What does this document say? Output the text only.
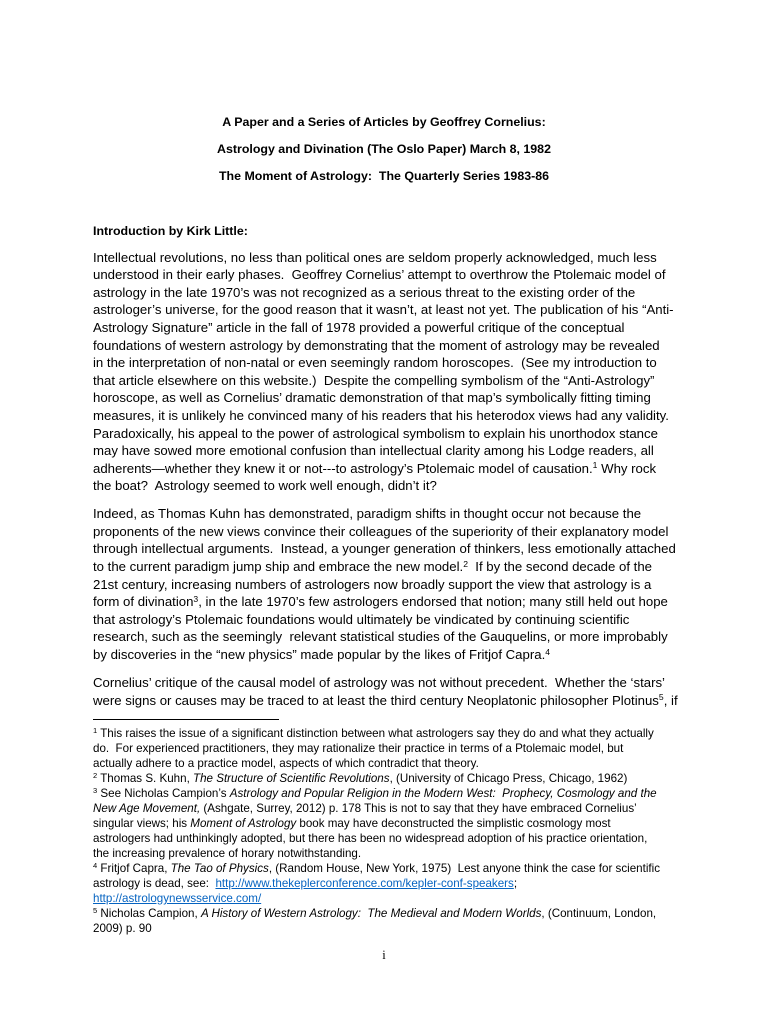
A Paper and a Series of Articles by Geoffrey Cornelius:
Astrology and Divination (The Oslo Paper) March 8, 1982
The Moment of Astrology:  The Quarterly Series 1983-86
Introduction by Kirk Little:
Intellectual revolutions, no less than political ones are seldom properly acknowledged, much less
understood in their early phases.  Geoffrey Cornelius’ attempt to overthrow the Ptolemaic model of
astrology in the late 1970’s was not recognized as a serious threat to the existing order of the
astrologer’s universe, for the good reason that it wasn’t, at least not yet. The publication of his “Anti-
Astrology Signature” article in the fall of 1978 provided a powerful critique of the conceptual
foundations of western astrology by demonstrating that the moment of astrology may be revealed
in the interpretation of non-natal or even seemingly random horoscopes.  (See my introduction to
that article elsewhere on this website.)  Despite the compelling symbolism of the “Anti-Astrology”
horoscope, as well as Cornelius’ dramatic demonstration of that map’s symbolically fitting timing
measures, it is unlikely he convinced many of his readers that his heterodox views had any validity.
Paradoxically, his appeal to the power of astrological symbolism to explain his unorthodox stance
may have sowed more emotional confusion than intellectual clarity among his Lodge readers, all
adherents—whether they knew it or not---to astrology’s Ptolemaic model of causation.$^1$ Why rock
the boat?  Astrology seemed to work well enough, didn’t it?
Indeed, as Thomas Kuhn has demonstrated, paradigm shifts in thought occur not because the
proponents of the new views convince their colleagues of the superiority of their explanatory model
through intellectual arguments.  Instead, a younger generation of thinkers, less emotionally attached
to the current paradigm jump ship and embrace the new model.$^2$  If by the second decade of the
21st century, increasing numbers of astrologers now broadly support the view that astrology is a
form of divination$^3$, in the late 1970’s few astrologers endorsed that notion; many still held out hope
that astrology’s Ptolemaic foundations would ultimately be vindicated by continuing scientific
research, such as the seemingly  relevant statistical studies of the Gauquelins, or more improbably
by discoveries in the “new physics” made popular by the likes of Fritjof Capra.$^4$
Cornelius’ critique of the causal model of astrology was not without precedent.  Whether the ‘stars’
were signs or causes may be traced to at least the third century Neoplatonic philosopher Plotinus$^5$, if
$^1$ This raises the issue of a significant distinction between what astrologers say they do and what they actually
do.  For experienced practitioners, they may rationalize their practice in terms of a Ptolemaic model, but
actually adhere to a practice model, aspects of which contradict that theory.
$^2$ Thomas S. Kuhn, The Structure of Scientific Revolutions, (University of Chicago Press, Chicago, 1962)
$^3$ See Nicholas Campion’s Astrology and Popular Religion in the Modern West:  Prophecy, Cosmology and the
New Age Movement, (Ashgate, Surrey, 2012) p. 178 This is not to say that they have embraced Cornelius’
singular views; his Moment of Astrology book may have deconstructed the simplistic cosmology most
astrologers had unthinkingly adopted, but there has been no widespread adoption of his practice orientation,
the increasing prevalence of horary notwithstanding.
$^4$ Fritjof Capra, The Tao of Physics, (Random House, New York, 1975)  Lest anyone think the case for scientific
astrology is dead, see:  http://www.thekeplerconference.com/kepler-conf-speakers;
http://astrologynewsservice.com/
$^5$ Nicholas Campion, A History of Western Astrology:  The Medieval and Modern Worlds, (Continuum, London,
2009) p. 90
i
